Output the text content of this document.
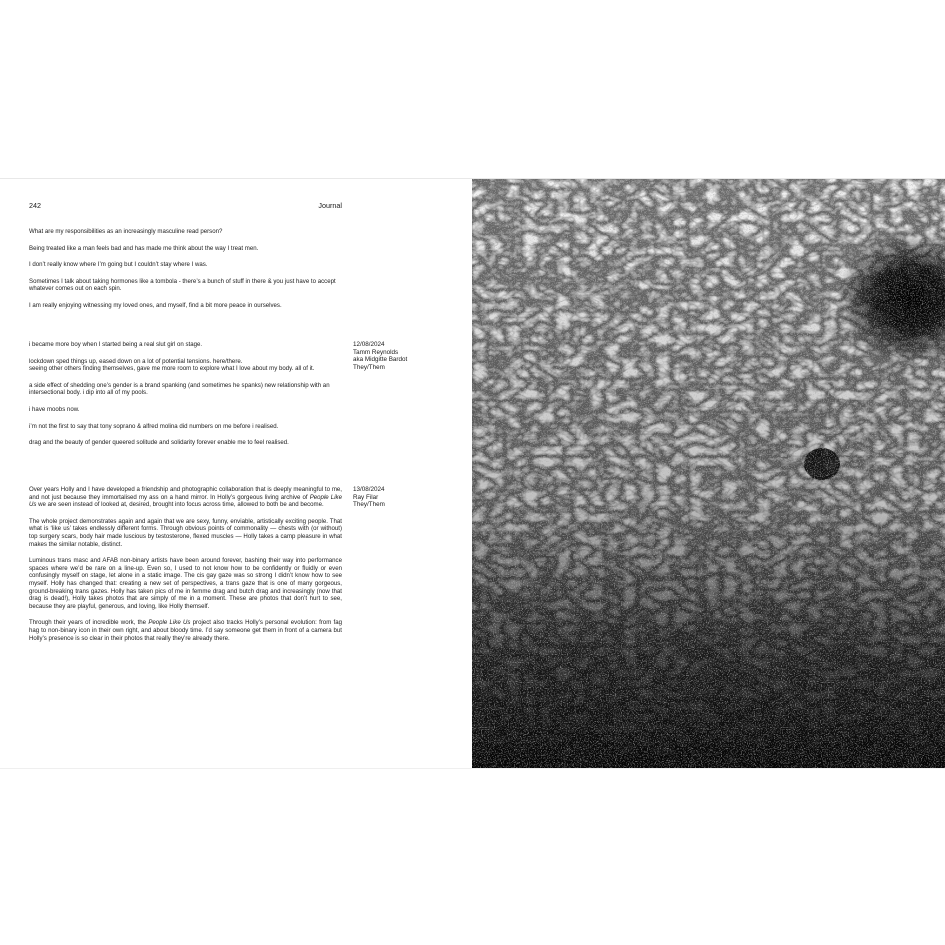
242	Journal

What are my responsibilities as an increasingly masculine read person?

Being treated like a man feels bad and has made me think about the way I treat men.

I don’t really know where I’m going but I couldn’t stay where I was.

Sometimes I talk about taking hormones like a tombola - there’s a bunch of stuff in there & you just have to accept whatever comes out on each spin.

I am really enjoying witnessing my loved ones, and myself, find a bit more peace in ourselves.

i became more boy when I started being a real slut girl on stage.

lockdown sped things up, eased down on a lot of potential tensions. here/there.

seeing other others finding themselves, gave me more room to explore what I love about my body. all of it.

a side effect of shedding one’s gender is a brand spanking (and sometimes he spanks) new relationship with an intersectional body. i dip into all of my pools.

i have moobs now.

i’m not the first to say that tony soprano & alfred molina did numbers on me before i realised.

drag and the beauty of gender queered solitude and solidarity forever enable me to feel realised.

12/08/2024
Tamm Reynolds
aka Midgitte Bardot
They/Them

Over years Holly and I have developed a friendship and photographic collaboration that is deeply meaningful to me, and not just because they immortalised my ass on a hand mirror. In Holly’s gorgeous living archive of People Like Us we are seen instead of looked at, desired, brought into focus across time, allowed to both be and become.

The whole project demonstrates again and again that we are sexy, funny, enviable, artistically exciting people. That what is ‘like us’ takes endlessly different forms. Through obvious points of commonality — chests with (or without) top surgery scars, body hair made luscious by testosterone, flexed muscles — Holly takes a camp pleasure in what makes the similar notable, distinct.

Luminous trans masc and AFAB non-binary artists have been around forever, bashing their way into performance spaces where we’d be rare on a line-up. Even so, I used to not know how to be confidently or fluidly or even confusingly myself on stage, let alone in a static image. The cis gay gaze was so strong I didn’t know how to see myself. Holly has changed that: creating a new set of perspectives, a trans gaze that is one of many gorgeous, ground-breaking trans gazes. Holly has taken pics of me in femme drag and butch drag and increasingly (now that drag is dead!), Holly takes photos that are simply of me in a moment. These are photos that don’t hurt to see, because they are playful, generous, and loving, like Holly themself.

Through their years of incredible work, the People Like Us project also tracks Holly’s personal evolution: from fag hag to non-binary icon in their own right, and about bloody time. I’d say someone get them in front of a camera but Holly’s presence is so clear in their photos that really they’re already there.

13/08/2024
Ray Filar
They/Them
